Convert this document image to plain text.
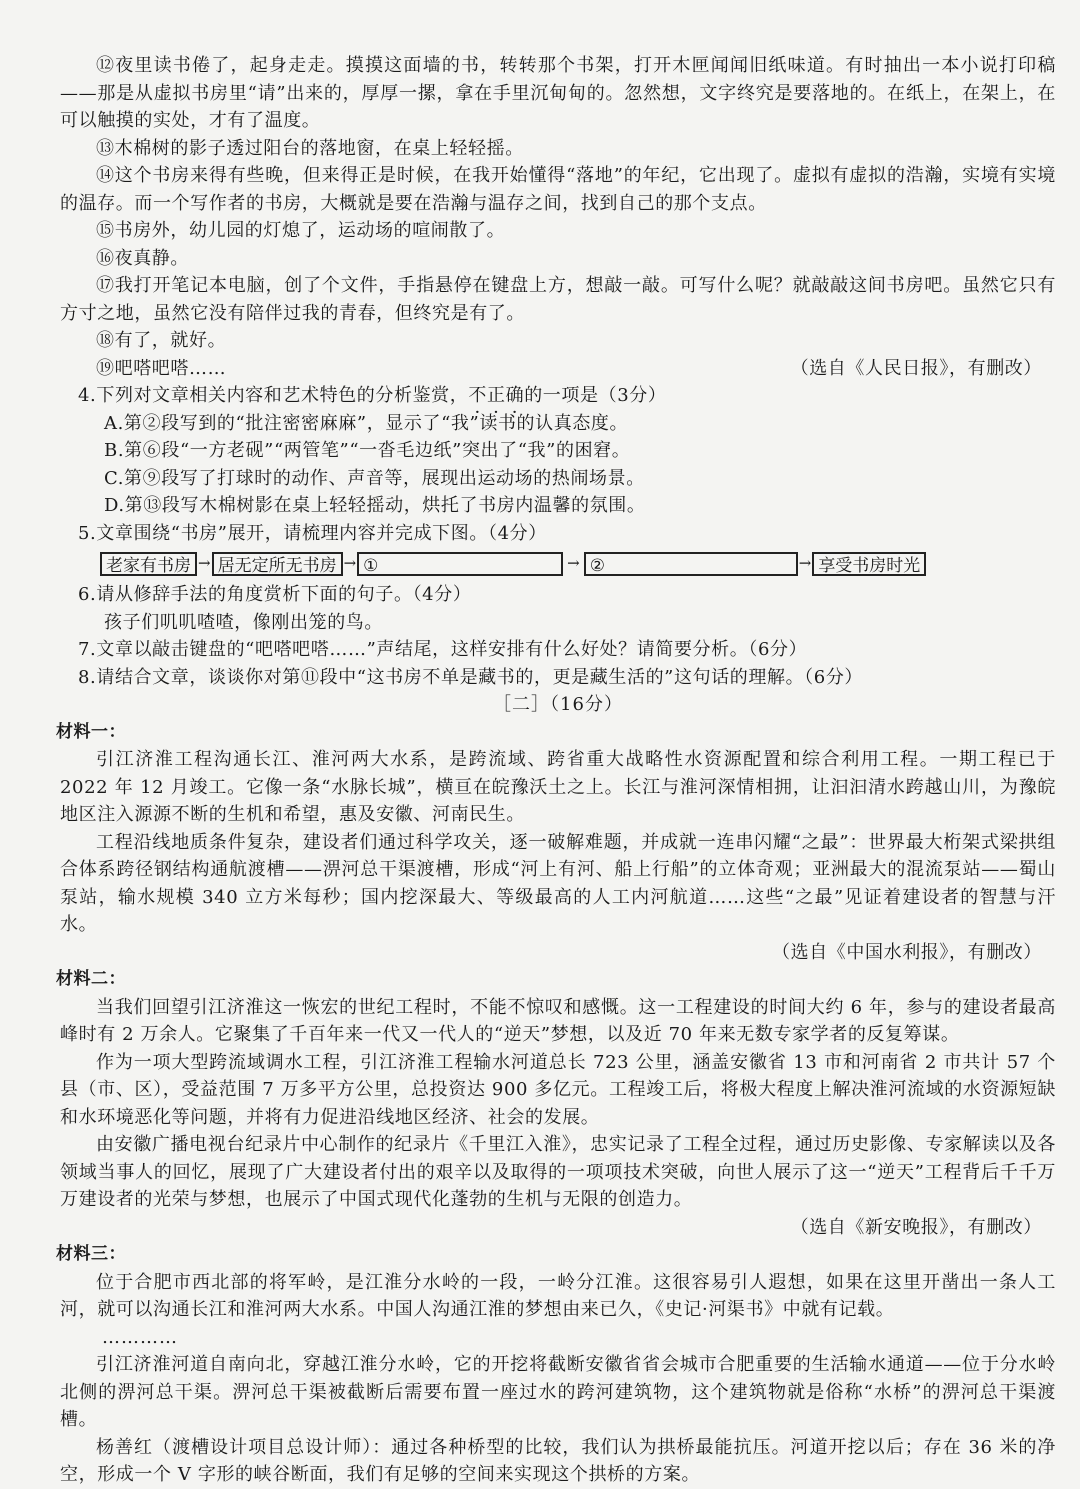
⑫夜里读书倦了，起身走走。摸摸这面墙的书，转转那个书架，打开木匣闻闻旧纸味道。有时抽出一本小说打印稿——那是从虚拟书房里“请”出来的，厚厚一摞，拿在手里沉甸甸的。忽然想，文字终究是要落地的。在纸上，在架上，在可以触摸的实处，才有了温度。

⑬木棉树的影子透过阳台的落地窗，在桌上轻轻摇。

⑭这个书房来得有些晚，但来得正是时候，在我开始懂得“落地”的年纪，它出现了。虚拟有虚拟的浩瀚，实境有实境的温存。而一个写作者的书房，大概就是要在浩瀚与温存之间，找到自己的那个支点。

⑮书房外，幼儿园的灯熄了，运动场的喧闹散了。

⑯夜真静。

⑰我打开笔记本电脑，创了个文件，手指悬停在键盘上方，想敲一敲。可写什么呢？就敲敲这间书房吧。虽然它只有方寸之地，虽然它没有陪伴过我的青春，但终究是有了。

⑱有了，就好。

⑲吧嗒吧嗒……	（选自《人民日报》，有删改）

4.下列对文章相关内容和艺术特色的分析鉴赏，不正确的一项是（3分）

A.第②段写到的“批注密密麻麻”，显示了“我”读书的认真态度。

B.第⑥段“一方老砚”“两管笔”“一沓毛边纸”突出了“我”的困窘。

C.第⑨段写了打球时的动作、声音等，展现出运动场的热闹场景。

D.第⑬段写木棉树影在桌上轻轻摇动，烘托了书房内温馨的氛围。

5.文章围绕“书房”展开，请梳理内容并完成下图。（4分）

老家有书房 → 居无定所无书房 → ①	→ ②	→ 享受书房时光

6.请从修辞手法的角度赏析下面的句子。（4分）

孩子们叽叽喳喳，像刚出笼的鸟。

7.文章以敲击键盘的“吧嗒吧嗒……”声结尾，这样安排有什么好处？请简要分析。（6分）

8.请结合文章，谈谈你对第⑪段中“这书房不单是藏书的，更是藏生活的”这句话的理解。（6分）

［二］（16分）

材料一：

引江济淮工程沟通长江、淮河两大水系，是跨流域、跨省重大战略性水资源配置和综合利用工程。一期工程已于 2022 年 12 月竣工。它像一条“水脉长城”，横亘在皖豫沃土之上。长江与淮河深情相拥，让汩汩清水跨越山川，为豫皖地区注入源源不断的生机和希望，惠及安徽、河南民生。

工程沿线地质条件复杂，建设者们通过科学攻关，逐一破解难题，并成就一连串闪耀“之最”：世界最大桁架式梁拱组合体系跨径钢结构通航渡槽——淠河总干渠渡槽，形成“河上有河、船上行船”的立体奇观；亚洲最大的混流泵站——蜀山泵站，输水规模 340 立方米每秒；国内挖深最大、等级最高的人工内河航道……这些“之最”见证着建设者的智慧与汗水。

（选自《中国水利报》，有删改）

材料二：

当我们回望引江济淮这一恢宏的世纪工程时，不能不惊叹和感慨。这一工程建设的时间大约 6 年，参与的建设者最高峰时有 2 万余人。它聚集了千百年来一代又一代人的“逆天”梦想，以及近 70 年来无数专家学者的反复筹谋。

作为一项大型跨流域调水工程，引江济淮工程输水河道总长 723 公里，涵盖安徽省 13 市和河南省 2 市共计 57 个县（市、区），受益范围 7 万多平方公里，总投资达 900 多亿元。工程竣工后，将极大程度上解决淮河流域的水资源短缺和水环境恶化等问题，并将有力促进沿线地区经济、社会的发展。

由安徽广播电视台纪录片中心制作的纪录片《千里江入淮》，忠实记录了工程全过程，通过历史影像、专家解读以及各领域当事人的回忆，展现了广大建设者付出的艰辛以及取得的一项项技术突破，向世人展示了这一“逆天”工程背后千千万万建设者的光荣与梦想，也展示了中国式现代化蓬勃的生机与无限的创造力。

（选自《新安晚报》，有删改）

材料三：

位于合肥市西北部的将军岭，是江淮分水岭的一段，一岭分江淮。这很容易引人遐想，如果在这里开凿出一条人工河，就可以沟通长江和淮河两大水系。中国人沟通江淮的梦想由来已久，《史记·河渠书》中就有记载。

…………

引江济淮河道自南向北，穿越江淮分水岭，它的开挖将截断安徽省省会城市合肥重要的生活输水通道——位于分水岭北侧的淠河总干渠。淠河总干渠被截断后需要布置一座过水的跨河建筑物，这个建筑物就是俗称“水桥”的淠河总干渠渡槽。

杨善红（渡槽设计项目总设计师）：通过各种桥型的比较，我们认为拱桥最能抗压。河道开挖以后；存在 36 米的净空，形成一个 V 字形的峡谷断面，我们有足够的空间来实现这个拱桥的方案。
